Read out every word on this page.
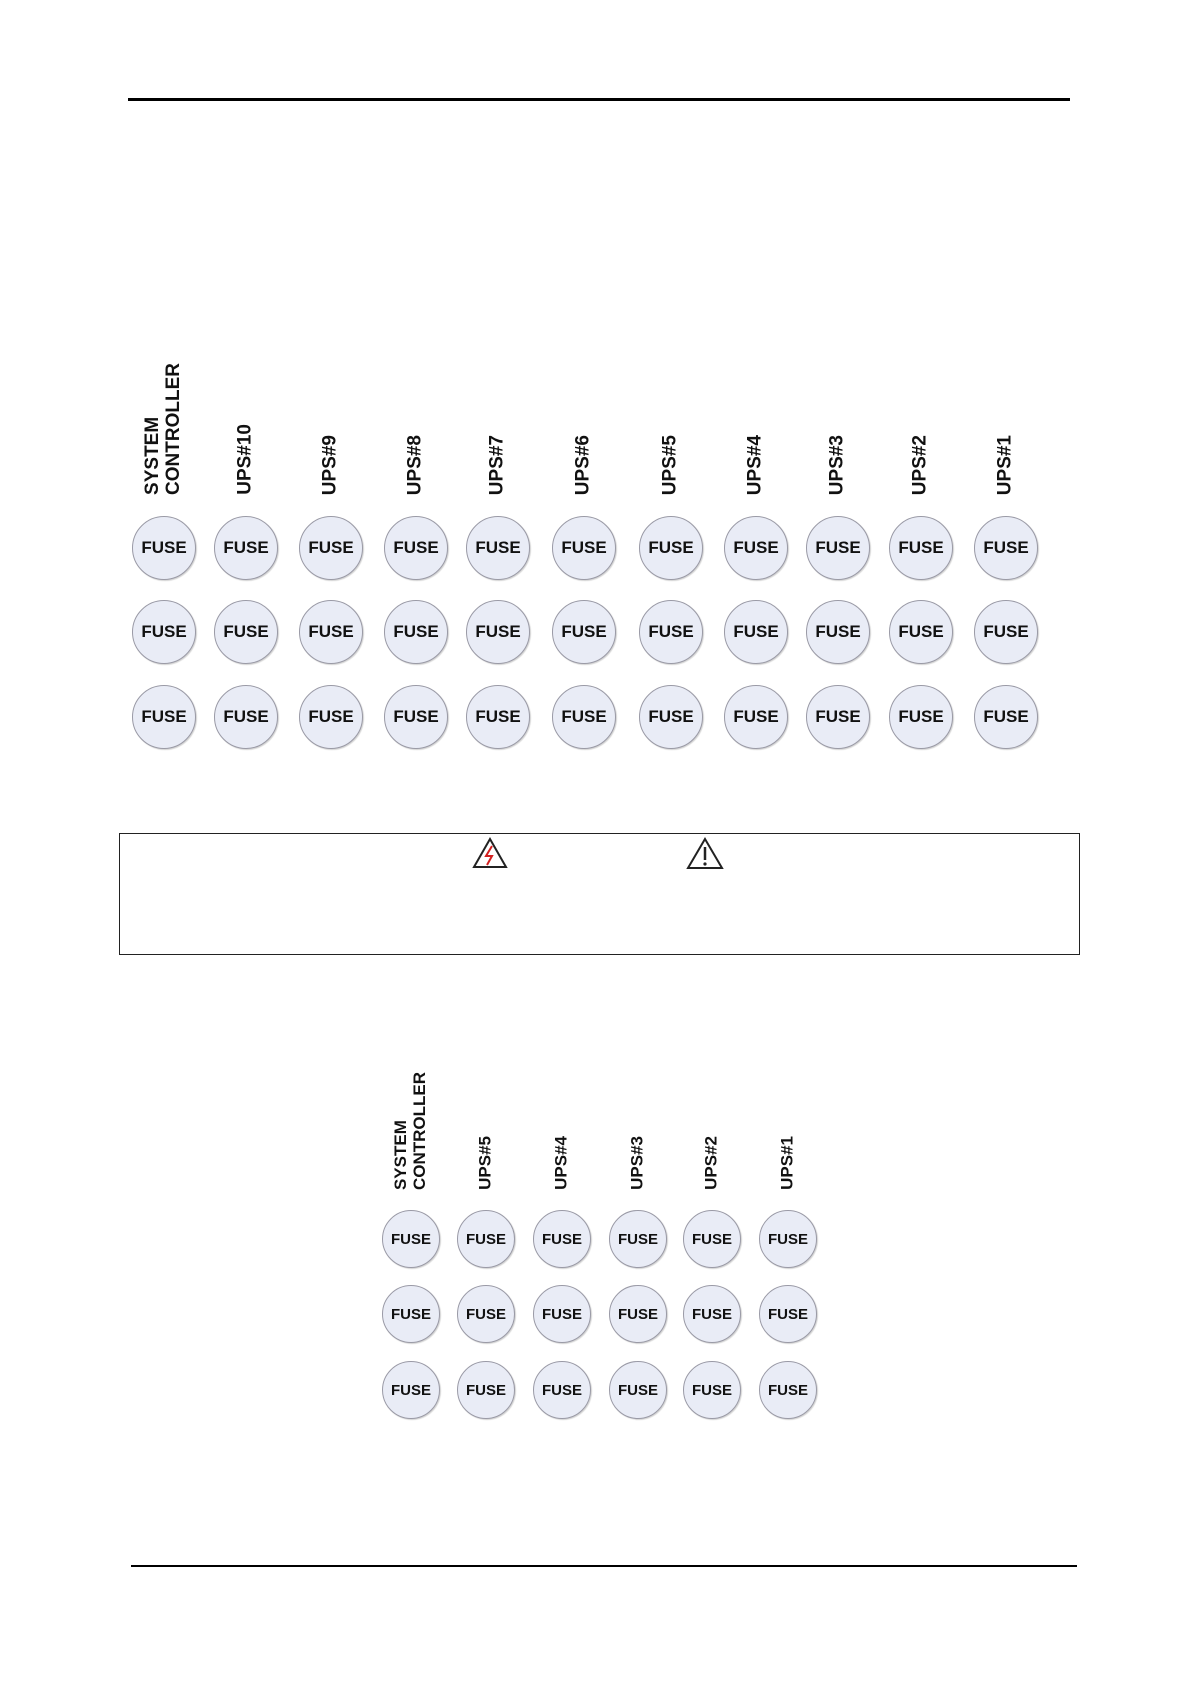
SYSTEM
CONTROLLER
FUSE
FUSE
FUSE
UPS#10
FUSE
FUSE
FUSE
UPS#9
FUSE
FUSE
FUSE
UPS#8
FUSE
FUSE
FUSE
UPS#7
FUSE
FUSE
FUSE
UPS#6
FUSE
FUSE
FUSE
UPS#5
FUSE
FUSE
FUSE
UPS#4
FUSE
FUSE
FUSE
UPS#3
FUSE
FUSE
FUSE
UPS#2
FUSE
FUSE
FUSE
UPS#1
FUSE
FUSE
FUSE
SYSTEM
CONTROLLER
FUSE
FUSE
FUSE
UPS#5
FUSE
FUSE
FUSE
UPS#4
FUSE
FUSE
FUSE
UPS#3
FUSE
FUSE
FUSE
UPS#2
FUSE
FUSE
FUSE
UPS#1
FUSE
FUSE
FUSE
